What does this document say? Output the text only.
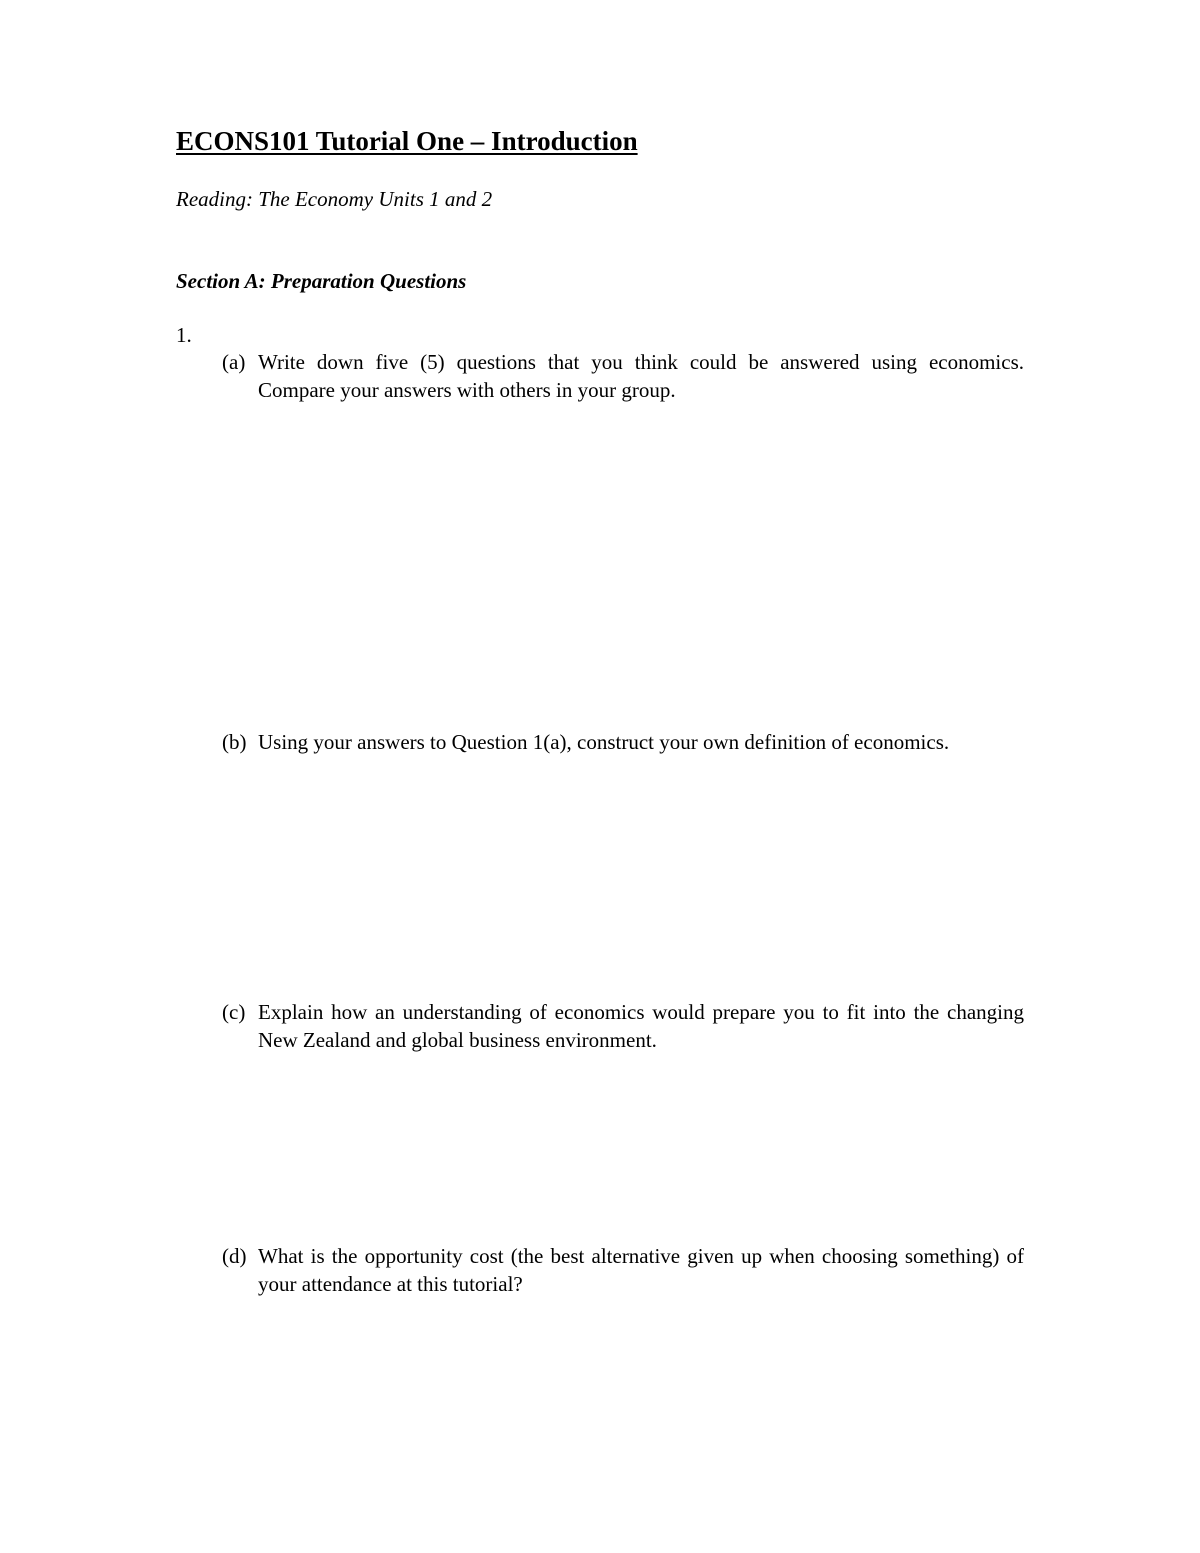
ECONS101 Tutorial One – Introduction
Reading: The Economy Units 1 and 2
Section A: Preparation Questions
1.
(a) Write down five (5) questions that you think could be answered using economics. Compare your answers with others in your group.
(b) Using your answers to Question 1(a), construct your own definition of economics.
(c) Explain how an understanding of economics would prepare you to fit into the changing New Zealand and global business environment.
(d) What is the opportunity cost (the best alternative given up when choosing something) of your attendance at this tutorial?
